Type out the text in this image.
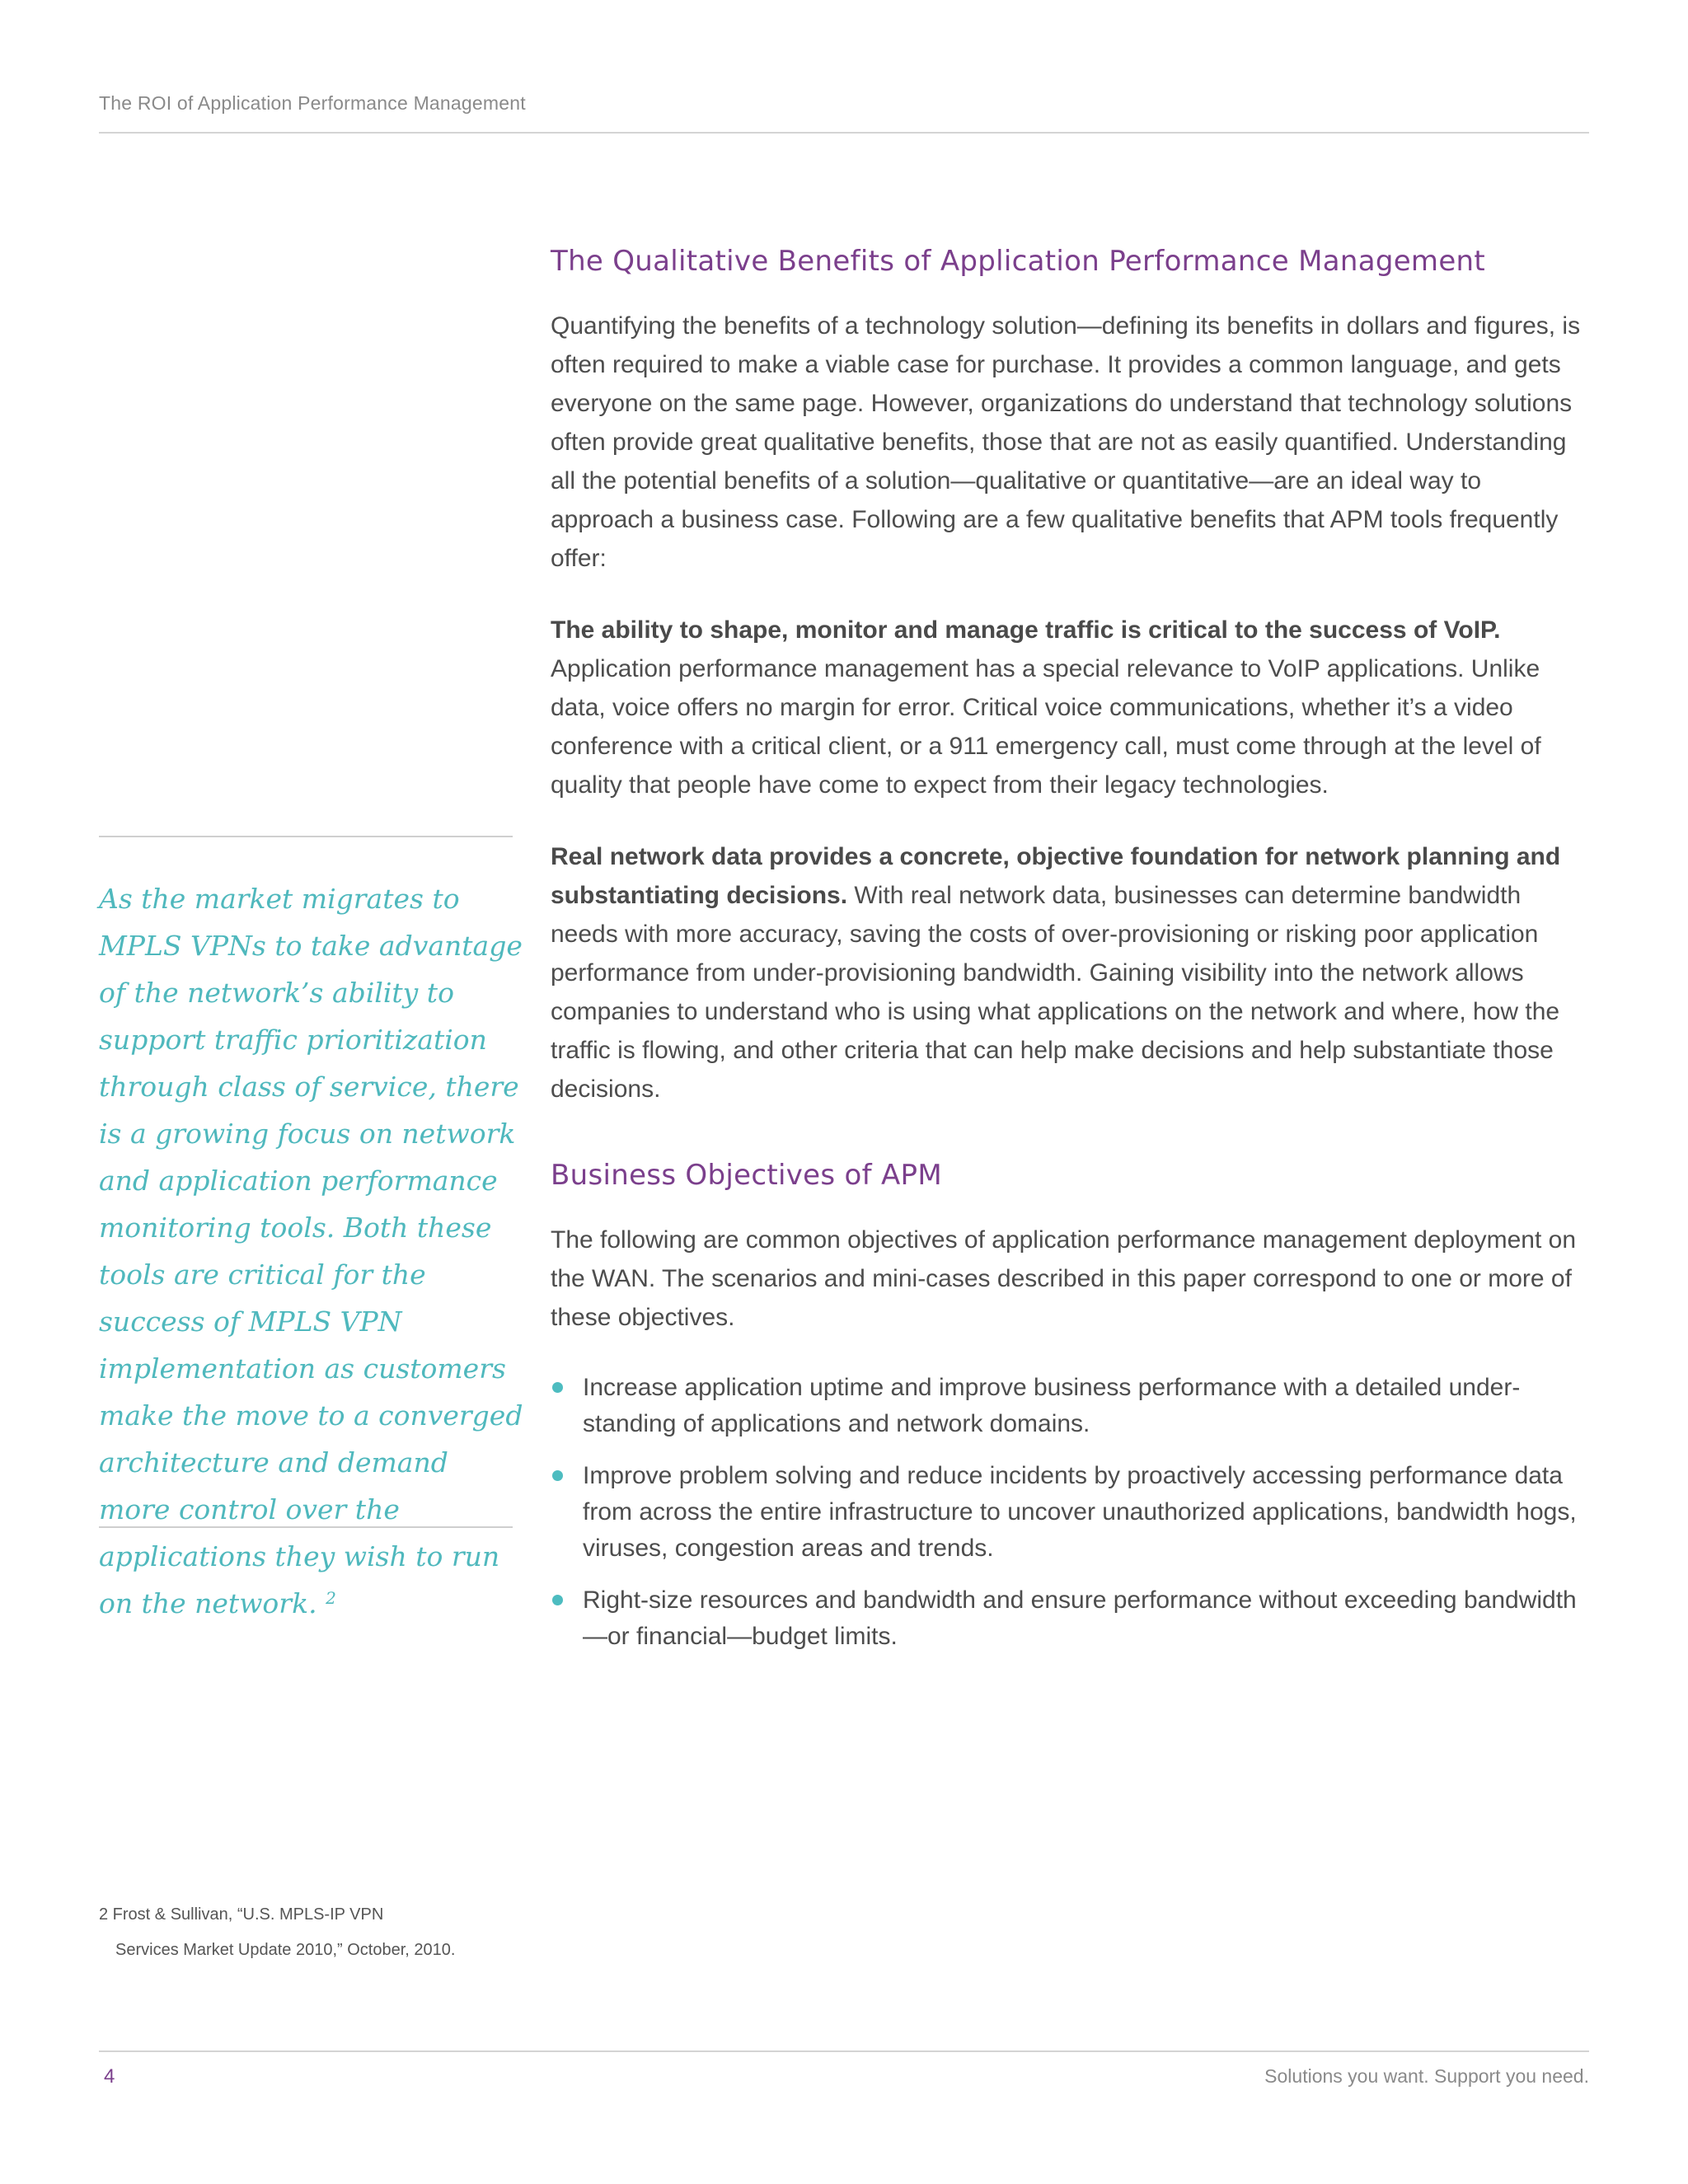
The ROI of Application Performance Management
The Qualitative Benefits of Application Performance Management

Quantifying the benefits of a technology solution—defining its benefits in dollars and figures, is often required to make a viable case for purchase. It provides a common language, and gets everyone on the same page. However, organizations do understand that technology solutions often provide great qualitative benefits, those that are not as easily quantified. Understanding all the potential benefits of a solution—qualitative or quantitative—are an ideal way to approach a business case. Following are a few qualitative benefits that APM tools frequently offer:

The ability to shape, monitor and manage traffic is critical to the success of VoIP. Application performance management has a special relevance to VoIP applications. Unlike data, voice offers no margin for error. Critical voice communications, whether it’s a video conference with a critical client, or a 911 emergency call, must come through at the level of quality that people have come to expect from their legacy technologies.

Real network data provides a concrete, objective foundation for network planning and substantiating decisions. With real network data, businesses can determine bandwidth needs with more accuracy, saving the costs of over-provisioning or risking poor application performance from under-provisioning bandwidth. Gaining visibility into the network allows companies to understand who is using what applications on the network and where, how the traffic is flowing, and other criteria that can help make decisions and help substantiate those decisions.

Business Objectives of APM

The following are common objectives of application performance management deployment on the WAN. The scenarios and mini-cases described in this paper correspond to one or more of these objectives.

Increase application uptime and improve business performance with a detailed understanding of applications and network domains.
Improve problem solving and reduce incidents by proactively accessing performance data from across the entire infrastructure to uncover unauthorized applications, bandwidth hogs, viruses, congestion areas and trends.
Right-size resources and bandwidth and ensure performance without exceeding bandwidth—or financial—budget limits.
As the market migrates to MPLS VPNs to take advantage of the network’s ability to support traffic prioritization through class of service, there is a growing focus on network and application performance monitoring tools. Both these tools are critical for the success of MPLS VPN implementation as customers make the move to a converged architecture and demand more control over the applications they wish to run on the network. $^2$
2 Frost & Sullivan, “U.S. MPLS-IP VPN
Services Market Update 2010,” October, 2010.
4	Solutions you want. Support you need.
